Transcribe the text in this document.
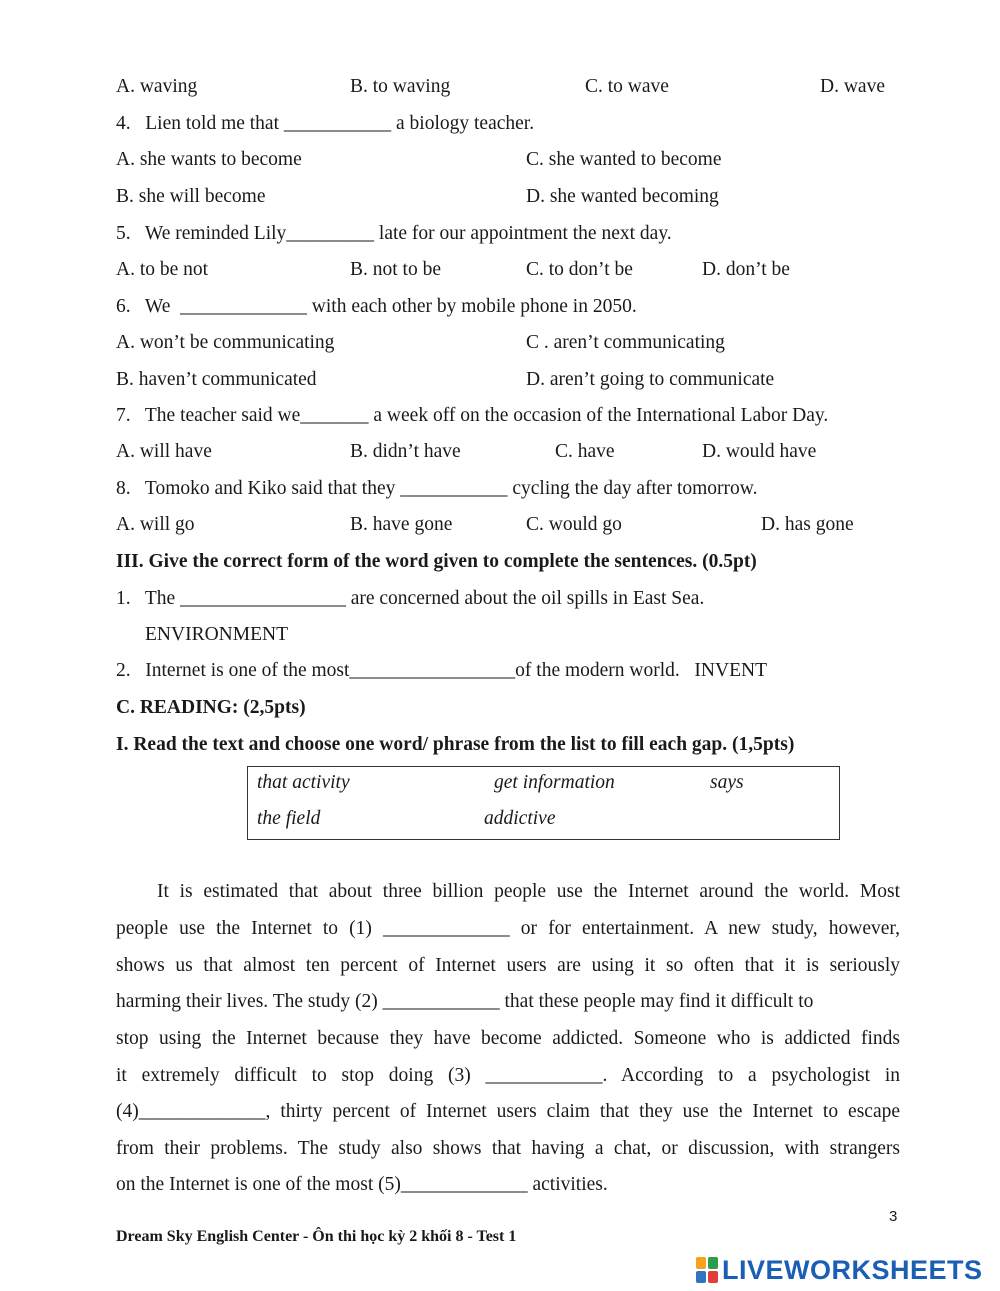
A. waving	B. to waving	C. to wave	D. wave
4.   Lien told me that ___________ a biology teacher.
A. she wants to become	C. she wanted to become
B. she will become	D. she wanted becoming
5.   We reminded Lily_________ late for our appointment the next day.
A. to be not	B. not to be	C. to don’t be	D. don’t be
6.   We  _____________ with each other by mobile phone in 2050.
A. won’t be communicating	C . aren’t communicating
B. haven’t communicated	D. aren’t going to communicate
7.   The teacher said we_______ a week off on the occasion of the International Labor Day.
A. will have	B. didn’t have	C. have	D. would have
8.   Tomoko and Kiko said that they ___________ cycling the day after tomorrow.
A. will go	B. have gone	C. would go	D. has gone
III. Give the correct form of the word given to complete the sentences. (0.5pt)
1.   The _________________ are concerned about the oil spills in East Sea.
ENVIRONMENT
2.   Internet is one of the most_________________of the modern world.   INVENT
C. READING: (2,5pts)
I. Read the text and choose one word/ phrase from the list to fill each gap. (1,5pts)
that activity	get information	says
the field	addictive
It is estimated that about three billion people use the Internet around the world. Most
people use the Internet to (1) _____________ or for entertainment. A new study, however,
shows us that almost ten percent of Internet users are using it so often that it is seriously
harming their lives. The study (2) ____________ that these people may find it difficult to
stop using the Internet because they have become addicted. Someone who is addicted finds
it extremely difficult to stop doing (3) ____________. According to a psychologist in
(4)_____________, thirty percent of Internet users claim that they use the Internet to escape
from their problems. The study also shows that having a chat, or discussion, with strangers
on the Internet is one of the most (5)_____________ activities.
3
Dream Sky English Center - Ôn thi học kỳ 2 khối 8 - Test 1
LIVEWORKSHEETS
